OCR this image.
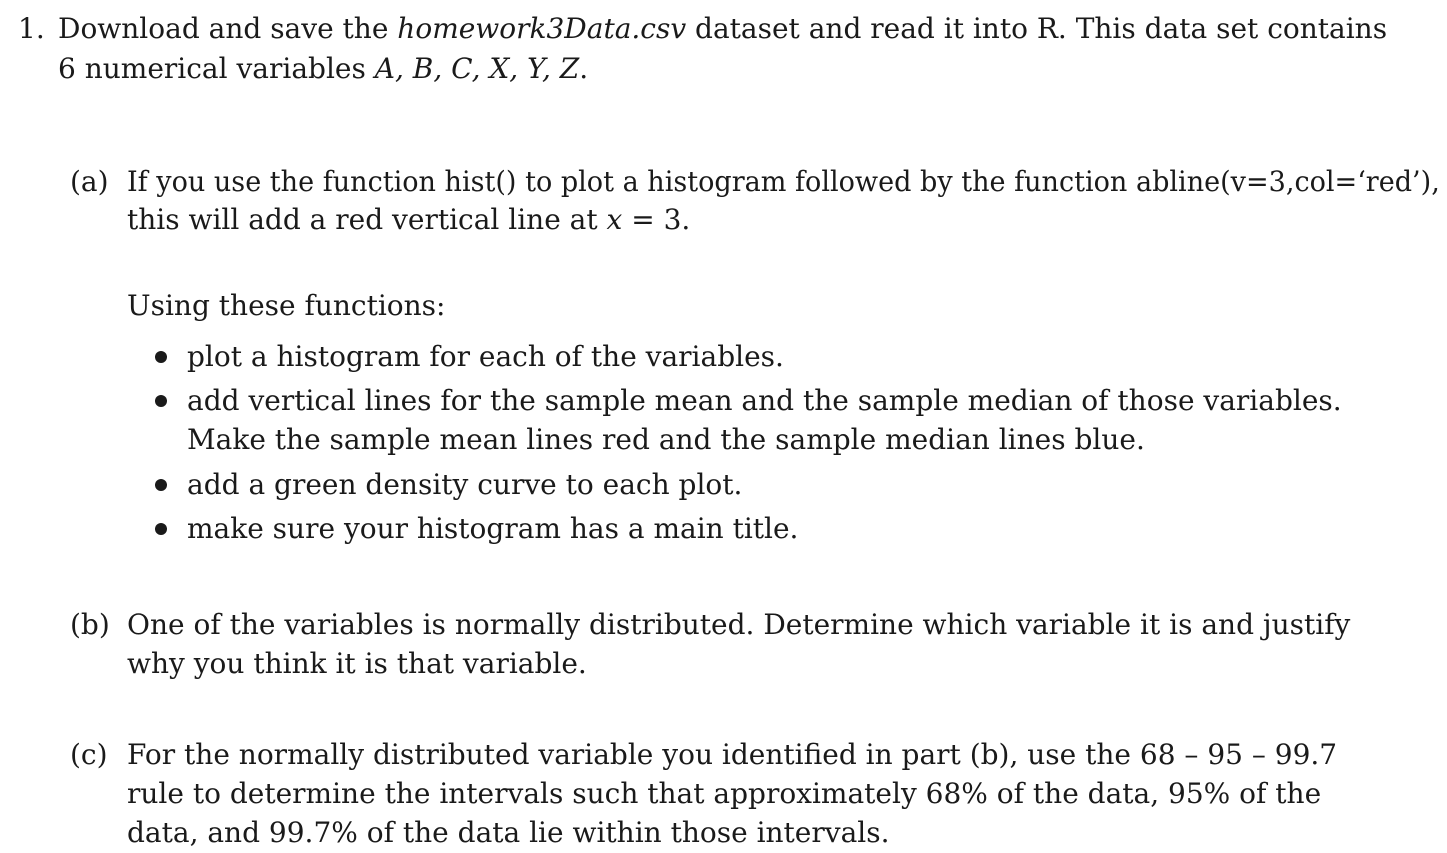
1. Download and save the homework3Data.csv dataset and read it into R. This data set contains
6 numerical variables A, B, C, X, Y, Z.
(a) If you use the function hist() to plot a histogram followed by the function abline(v=3,col=‘red’),
this will add a red vertical line at x = 3.
Using these functions:
plot a histogram for each of the variables.
add vertical lines for the sample mean and the sample median of those variables.
Make the sample mean lines red and the sample median lines blue.
add a green density curve to each plot.
make sure your histogram has a main title.
(b) One of the variables is normally distributed. Determine which variable it is and justify
why you think it is that variable.
(c) For the normally distributed variable you identified in part (b), use the 68 – 95 – 99.7
rule to determine the intervals such that approximately 68% of the data, 95% of the
data, and 99.7% of the data lie within those intervals.
